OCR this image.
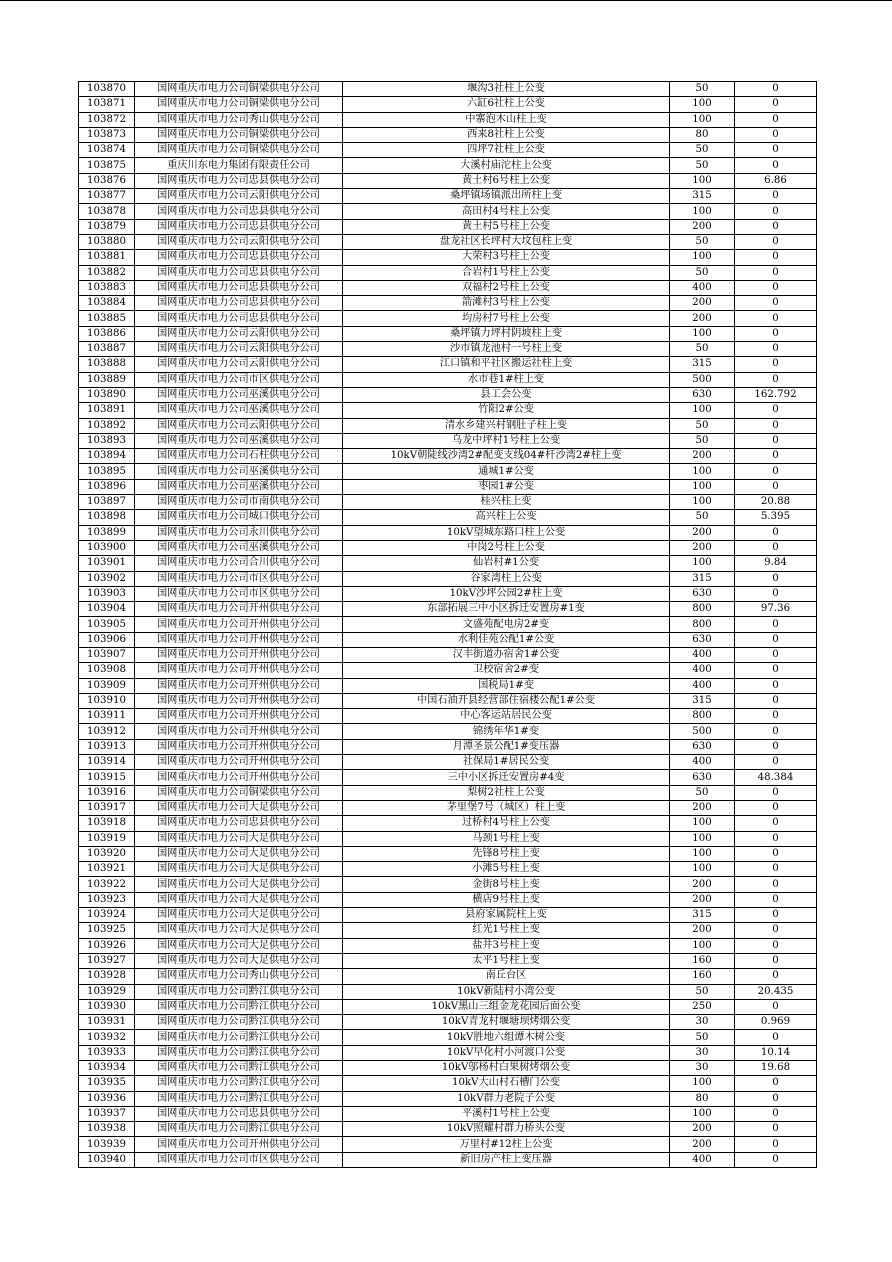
103870	国网重庆市电力公司铜梁供电分公司	堰沟3社柱上公变	50	0
103871	国网重庆市电力公司铜梁供电分公司	六缸6社柱上公变	100	0
103872	国网重庆市电力公司秀山供电分公司	中寨泡木山柱上变	100	0
103873	国网重庆市电力公司铜梁供电分公司	西来8社柱上公变	80	0
103874	国网重庆市电力公司铜梁供电分公司	四坪7社柱上公变	50	0
103875	重庆川东电力集团有限责任公司	大溪村庙沱柱上公变	50	0
103876	国网重庆市电力公司忠县供电分公司	黄土村6号柱上公变	100	6.86
103877	国网重庆市电力公司云阳供电分公司	桑坪镇场镇派出所柱上变	315	0
103878	国网重庆市电力公司忠县供电分公司	高田村4号柱上公变	100	0
103879	国网重庆市电力公司忠县供电分公司	黄土村5号柱上公变	200	0
103880	国网重庆市电力公司云阳供电分公司	盘龙社区长坪村大坟包柱上变	50	0
103881	国网重庆市电力公司忠县供电分公司	大荣村3号柱上公变	100	0
103882	国网重庆市电力公司忠县供电分公司	合岩村1号柱上公变	50	0
103883	国网重庆市电力公司忠县供电分公司	双福村2号柱上公变	400	0
103884	国网重庆市电力公司忠县供电分公司	箭滩村3号柱上公变	200	0
103885	国网重庆市电力公司忠县供电分公司	均房村7号柱上公变	200	0
103886	国网重庆市电力公司云阳供电分公司	桑坪镇力坪村阴坡柱上变	100	0
103887	国网重庆市电力公司云阳供电分公司	沙市镇龙池村一号柱上变	50	0
103888	国网重庆市电力公司云阳供电分公司	江口镇和平社区搬运社柱上变	315	0
103889	国网重庆市电力公司市区供电分公司	水市巷1#柱上变	500	0
103890	国网重庆市电力公司巫溪供电分公司	县工会公变	630	162.792
103891	国网重庆市电力公司巫溪供电分公司	竹阳2#公变	100	0
103892	国网重庆市电力公司云阳供电分公司	清水乡建兴村钢肚子柱上变	50	0
103893	国网重庆市电力公司巫溪供电分公司	乌龙中坪村1号柱上公变	50	0
103894	国网重庆市电力公司石柱供电分公司	10kV朝陡线沙湾2#配变支线04#杆沙湾2#柱上变	200	0
103895	国网重庆市电力公司巫溪供电分公司	通城1#公变	100	0
103896	国网重庆市电力公司巫溪供电分公司	枣园1#公变	100	0
103897	国网重庆市电力公司市南供电分公司	桂兴柱上变	100	20.88
103898	国网重庆市电力公司城口供电分公司	高兴柱上公变	50	5.395
103899	国网重庆市电力公司永川供电分公司	10kV望城东路口柱上公变	200	0
103900	国网重庆市电力公司巫溪供电分公司	中岗2号柱上公变	200	0
103901	国网重庆市电力公司合川供电分公司	仙岩村#1公变	100	9.84
103902	国网重庆市电力公司市区供电分公司	谷家湾柱上公变	315	0
103903	国网重庆市电力公司市区供电分公司	10kV沙坪公园2#柱上变	630	0
103904	国网重庆市电力公司开州供电分公司	东部拓展三中小区拆迁安置房#1变	800	97.36
103905	国网重庆市电力公司开州供电分公司	文盛苑配电房2#变	800	0
103906	国网重庆市电力公司开州供电分公司	水利佳苑公配1#公变	630	0
103907	国网重庆市电力公司开州供电分公司	汉丰街道办宿舍1#公变	400	0
103908	国网重庆市电力公司开州供电分公司	卫校宿舍2#变	400	0
103909	国网重庆市电力公司开州供电分公司	国税局1#变	400	0
103910	国网重庆市电力公司开州供电分公司	中国石油开县经营部住宿楼公配1#公变	315	0
103911	国网重庆市电力公司开州供电分公司	中心客运站居民公变	800	0
103912	国网重庆市电力公司开州供电分公司	锦绣年华1#变	500	0
103913	国网重庆市电力公司开州供电分公司	月潭圣景公配1#变压器	630	0
103914	国网重庆市电力公司开州供电分公司	社保局1#居民公变	400	0
103915	国网重庆市电力公司开州供电分公司	三中小区拆迁安置房#4变	630	48.384
103916	国网重庆市电力公司铜梁供电分公司	梨树2社柱上公变	50	0
103917	国网重庆市电力公司大足供电分公司	茅里堡7号（城区）柱上变	200	0
103918	国网重庆市电力公司忠县供电分公司	过桥村4号柱上公变	100	0
103919	国网重庆市电力公司大足供电分公司	马颈1号柱上变	100	0
103920	国网重庆市电力公司大足供电分公司	先锋8号柱上变	100	0
103921	国网重庆市电力公司大足供电分公司	小滩5号柱上变	100	0
103922	国网重庆市电力公司大足供电分公司	金街8号柱上变	200	0
103923	国网重庆市电力公司大足供电分公司	横店9号柱上变	200	0
103924	国网重庆市电力公司大足供电分公司	县府家属院柱上变	315	0
103925	国网重庆市电力公司大足供电分公司	红光1号柱上变	200	0
103926	国网重庆市电力公司大足供电分公司	盐井3号柱上变	100	0
103927	国网重庆市电力公司大足供电分公司	太平1号柱上变	160	0
103928	国网重庆市电力公司秀山供电分公司	南丘台区	160	0
103929	国网重庆市电力公司黔江供电分公司	10kV新陆村小湾公变	50	20.435
103930	国网重庆市电力公司黔江供电分公司	10kV黑山三组金龙花园后面公变	250	0
103931	国网重庆市电力公司黔江供电分公司	10kV青龙村堰塘坝烤烟公变	30	0.969
103932	国网重庆市电力公司黔江供电分公司	10kV胜地六组谭木树公变	50	0
103933	国网重庆市电力公司黔江供电分公司	10kV早化村小河渡口公变	30	10.14
103934	国网重庆市电力公司黔江供电分公司	10kV邬杨村白果树烤烟公变	30	19.68
103935	国网重庆市电力公司黔江供电分公司	10kV大山村石槽门公变	100	0
103936	国网重庆市电力公司黔江供电分公司	10kV群力老院子公变	80	0
103937	国网重庆市电力公司忠县供电分公司	平溪村1号柱上公变	100	0
103938	国网重庆市电力公司黔江供电分公司	10kV照耀村群力桥头公变	200	0
103939	国网重庆市电力公司开州供电分公司	万里村#12柱上公变	200	0
103940	国网重庆市电力公司市区供电分公司	新旧房产柱上变压器	400	0
